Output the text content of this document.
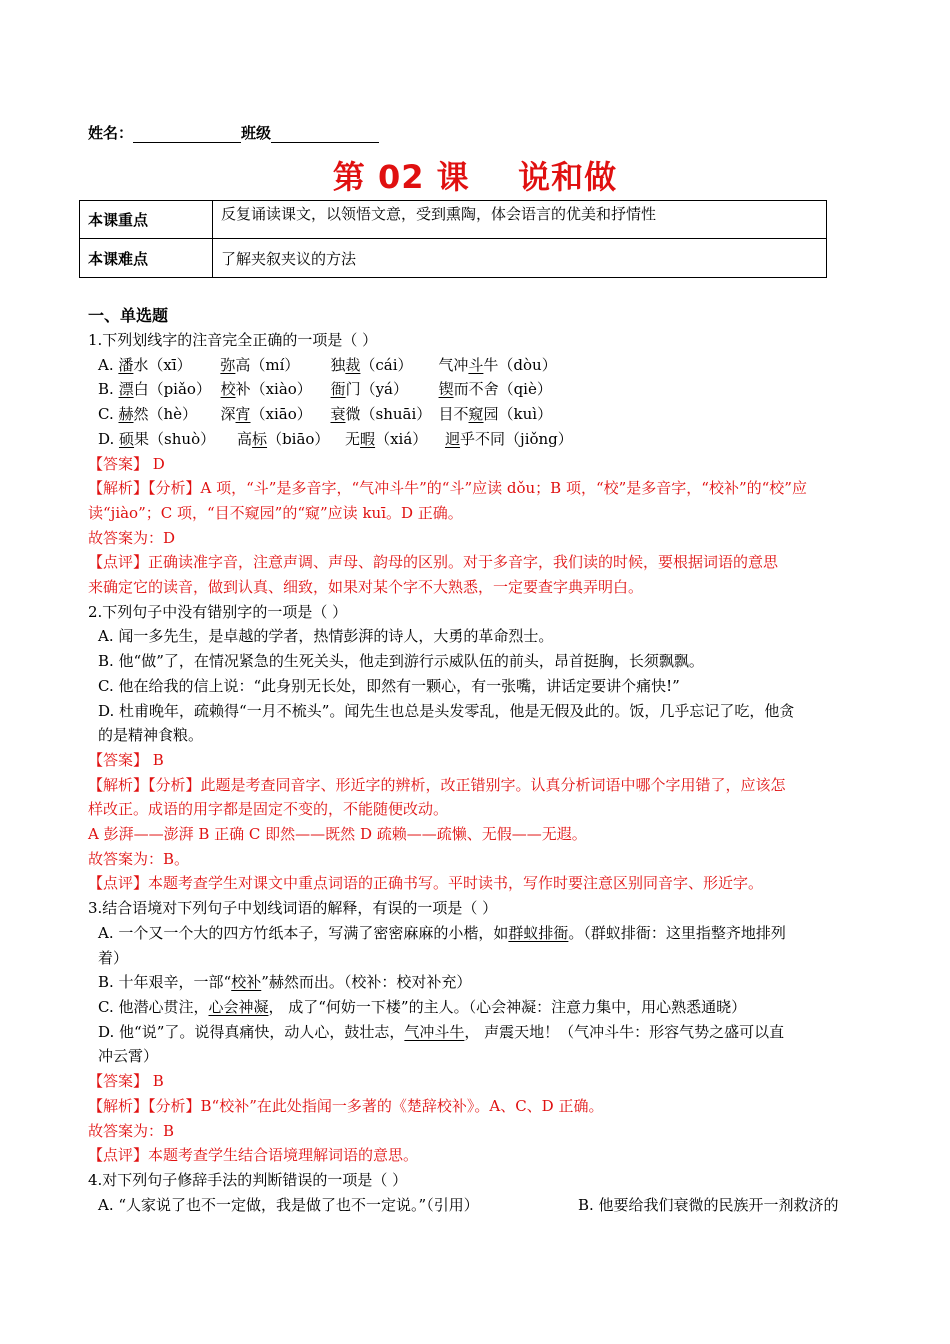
姓名：	班级
第 02 课    说和做
本课重点	反复诵读课文，以领悟文意，受到熏陶，体会语言的优美和抒情性
本课难点	了解夹叙夹议的方法
一、单选题
1.下列划线字的注音完全正确的一项是（ ）
A. 潘水（xī） 弥高（mí） 独裁（cái） 气冲斗牛（dòu）
B. 漂白（piǎo） 校补（xiào） 衙门（yá） 锲而不舍（qiè）
C. 赫然（hè） 深宵（xiāo） 衰微（shuāi） 目不窥园（kuì）
D. 硕果（shuò） 高标（biāo） 无暇（xiá） 迥乎不同（jiǒng）
【答案】 D
【解析】【分析】A 项，“斗”是多音字，“气冲斗牛”的“斗”应读 dǒu；B 项，“校”是多音字，“校补”的“校”应
读“jiào”；C 项，“目不窥园”的“窥”应读 kuī。D 正确。
故答案为：D
【点评】正确读准字音，注意声调、声母、韵母的区别。对于多音字，我们读的时候，要根据词语的意思
来确定它的读音，做到认真、细致，如果对某个字不大熟悉，一定要查字典弄明白。
2.下列句子中没有错别字的一项是（ ）
A. 闻一多先生，是卓越的学者，热情彭湃的诗人，大勇的革命烈士。
B. 他“做”了，在情况紧急的生死关头，他走到游行示威队伍的前头，昂首挺胸，长须飘飘。
C. 他在给我的信上说：“此身别无长处，即然有一颗心，有一张嘴，讲话定要讲个痛快!”
D. 杜甫晚年，疏赖得“一月不梳头”。闻先生也总是头发零乱，他是无假及此的。饭，几乎忘记了吃，他贪
的是精神食粮。
【答案】 B
【解析】【分析】此题是考查同音字、形近字的辨析，改正错别字。认真分析词语中哪个字用错了，应该怎
样改正。成语的用字都是固定不变的，不能随便改动。
A 彭湃——澎湃 B 正确 C 即然——既然 D 疏赖——疏懒、无假——无遐。
故答案为：B。
【点评】本题考查学生对课文中重点词语的正确书写。平时读书，写作时要注意区别同音字、形近字。
3.结合语境对下列句子中划线词语的解释，有误的一项是（ ）
A. 一个又一个大的四方竹纸本子，写满了密密麻麻的小楷，如群蚁排衙。（群蚁排衙：这里指整齐地排列
着）
B. 十年艰辛，一部“校补”赫然而出。（校补：校对补充）
C. 他潜心贯注，心会神凝， 成了“何妨一下楼”的主人。（心会神凝：注意力集中，用心熟悉通晓）
D. 他“说”了。说得真痛快，动人心，鼓壮志，气冲斗牛， 声震天地！（气冲斗牛：形容气势之盛可以直
冲云霄）
【答案】 B
【解析】【分析】B“校补”在此处指闻一多著的《楚辞校补》。A、C、D 正确。
故答案为：B
【点评】本题考查学生结合语境理解词语的意思。
4.对下列句子修辞手法的判断错误的一项是（ ）
A. “人家说了也不一定做，我是做了也不一定说。”（引用）	B. 他要给我们衰微的民族开一剂救济的
